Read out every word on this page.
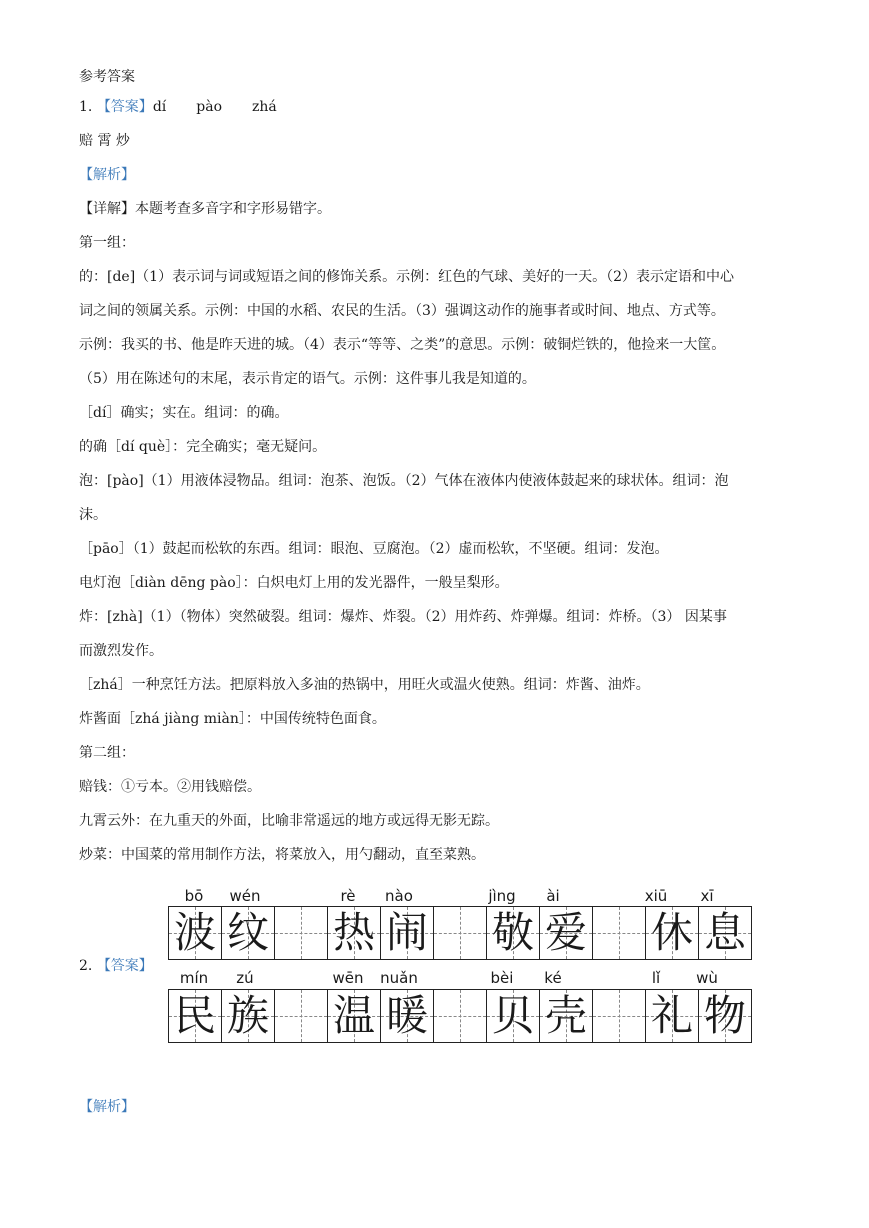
参考答案
1. 【答案】dí pào zhá
赔 霄 炒
【解析】
【详解】本题考查多音字和字形易错字。
第一组：
的：[de]（1）表示词与词或短语之间的修饰关系。示例：红色的气球、美好的一天。（2）表示定语和中心
词之间的领属关系。示例：中国的水稻、农民的生活。（3）强调这动作的施事者或时间、地点、方式等。
示例：我买的书、他是昨天进的城。（4）表示“等等、之类”的意思。示例：破铜烂铁的，他捡来一大筐。
（5）用在陈述句的末尾，表示肯定的语气。示例：这件事儿我是知道的。
［dí］确实；实在。组词：的确。
的确［dí què］：完全确实；毫无疑问。
泡：[pào]（1）用液体浸物品。组词：泡茶、泡饭。（2）气体在液体内使液体鼓起来的球状体。组词：泡
沫。
［pāo］（1）鼓起而松软的东西。组词：眼泡、豆腐泡。（2）虚而松软，不坚硬。组词：发泡。
电灯泡［diàn dēng pào］：白炽电灯上用的发光器件，一般呈梨形。
炸：[zhà]（1）（物体）突然破裂。组词：爆炸、炸裂。（2）用炸药、炸弹爆。组词：炸桥。（3） 因某事
而激烈发作。
［zhá］一种烹饪方法。把原料放入多油的热锅中，用旺火或温火使熟。组词：炸酱、油炸。
炸酱面［zhá jiàng miàn］：中国传统特色面食。
第二组：
赔钱：①亏本。②用钱赔偿。
九霄云外：在九重天的外面，比喻非常遥远的地方或远得无影无踪。
炒菜：中国菜的常用制作方法，将菜放入，用勺翻动，直至菜熟。
2. 【答案】
bō	wén	rè	nào	jìng	ài	xiū	xī
波 纹 热 闹 敬 爱 休 息
mín	zú	wēn	nuǎn	bèi	ké	lǐ	wù
民 族 温 暖 贝 壳 礼 物
【解析】
